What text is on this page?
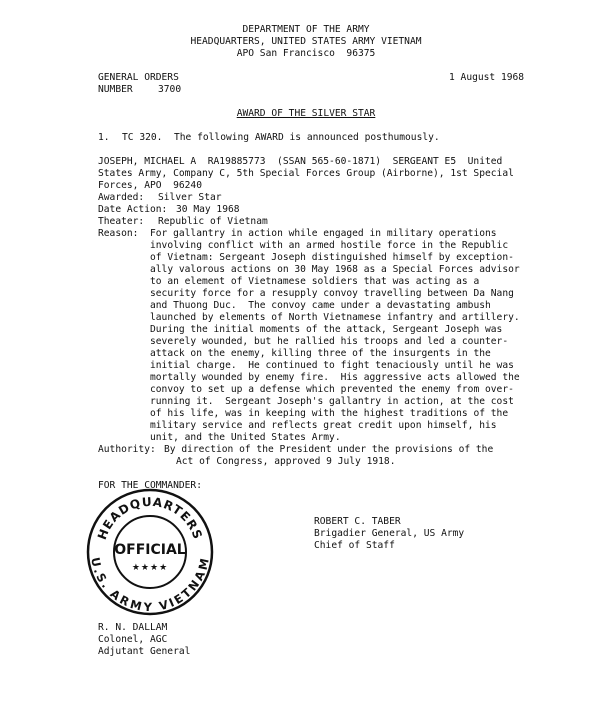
DEPARTMENT OF THE ARMY
HEADQUARTERS, UNITED STATES ARMY VIETNAM
APO San Francisco  96375
GENERAL ORDERS
NUMBER	3700
1 August 1968
AWARD OF THE SILVER STAR
1. TC 320.  The following AWARD is announced posthumously.
JOSEPH, MICHAEL A  RA19885773  (SSAN 565-60-1871)  SERGEANT E5  United
States Army, Company C, 5th Special Forces Group (Airborne), 1st Special
Forces, APO  96240
Awarded: Silver Star
Date Action: 30 May 1968
Theater: Republic of Vietnam
Reason: For gallantry in action while engaged in military operations
involving conflict with an armed hostile force in the Republic
of Vietnam: Sergeant Joseph distinguished himself by exception-
ally valorous actions on 30 May 1968 as a Special Forces advisor
to an element of Vietnamese soldiers that was acting as a
security force for a resupply convoy travelling between Da Nang
and Thuong Duc.  The convoy came under a devastating ambush
launched by elements of North Vietnamese infantry and artillery.
During the initial moments of the attack, Sergeant Joseph was
severely wounded, but he rallied his troops and led a counter-
attack on the enemy, killing three of the insurgents in the
initial charge.  He continued to fight tenaciously until he was
mortally wounded by enemy fire.  His aggressive acts allowed the
convoy to set up a defense which prevented the enemy from over-
running it.  Sergeant Joseph's gallantry in action, at the cost
of his life, was in keeping with the highest traditions of the
military service and reflects great credit upon himself, his
unit, and the United States Army.
Authority: By direction of the President under the provisions of the
Act of Congress, approved 9 July 1918.
FOR THE COMMANDER:
ROBERT C. TABER
Brigadier General, US Army
Chief of Staff
HEADQUARTERS
U.S. ARMY VIETNAM
OFFICIAL
★★★★
R. N. DALLAM
Colonel, AGC
Adjutant General
